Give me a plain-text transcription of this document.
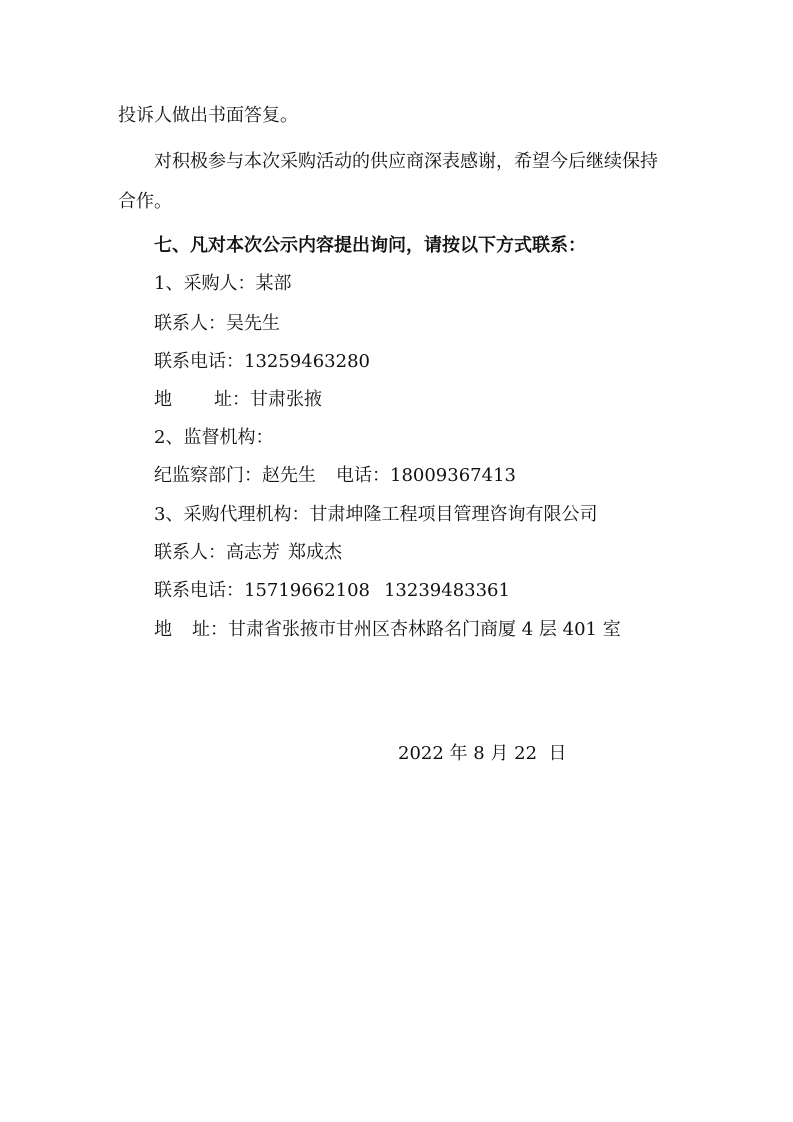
投诉人做出书面答复。
对积极参与本次采购活动的供应商深表感谢，希望今后继续保持
合作。
七、凡对本次公示内容提出询问，请按以下方式联系：
1、采购人：某部
联系人：吴先生
联系电话：13259463280
地 址：甘肃张掖
2、监督机构：
纪监察部门：赵先生 电话：18009367413
3、采购代理机构：甘肃坤隆工程项目管理咨询有限公司
联系人：高志芳 郑成杰
联系电话：15719662108 13239483361
地 址：甘肃省张掖市甘州区杏林路名门商厦 4 层 401 室
2022 年 8 月 22  日
